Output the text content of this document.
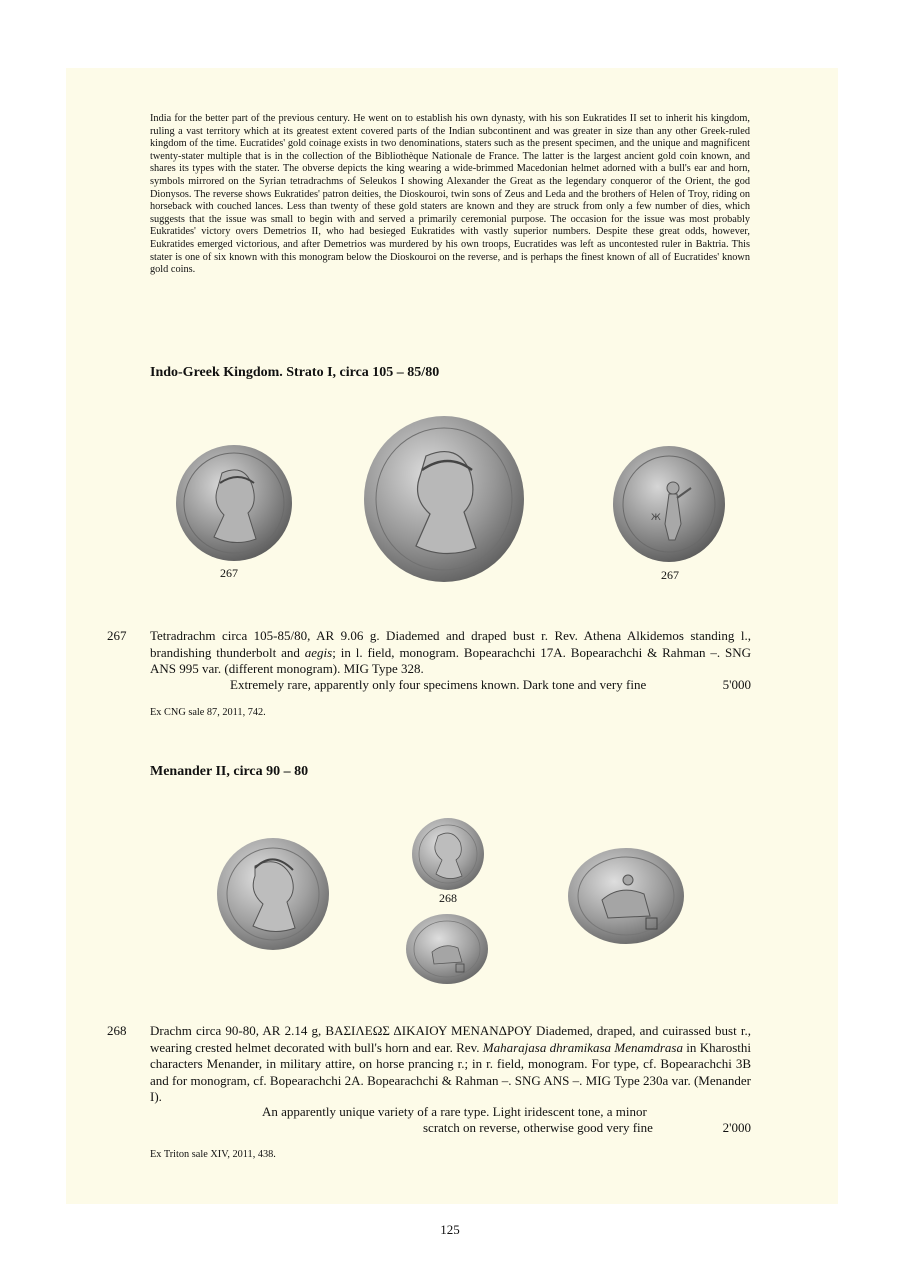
India for the better part of the previous century. He went on to establish his own dynasty, with his son Eukratides II set to inherit his kingdom, ruling a vast territory which at its greatest extent covered parts of the Indian subcontinent and was greater in size than any other Greek-ruled kingdom of the time. Eucratides' gold coinage exists in two denominations, staters such as the present specimen, and the unique and magnificent twenty-stater multiple that is in the collection of the Bibliothèque Nationale de France. The latter is the largest ancient gold coin known, and shares its types with the stater. The obverse depicts the king wearing a wide-brimmed Macedonian helmet adorned with a bull's ear and horn, symbols mirrored on the Syrian tetradrachms of Seleukos I showing Alexander the Great as the legendary conqueror of the Orient, the god Dionysos. The reverse shows Eukratides' patron deities, the Dioskouroi, twin sons of Zeus and Leda and the brothers of Helen of Troy, riding on horseback with couched lances. Less than twenty of these gold staters are known and they are struck from only a few number of dies, which suggests that the issue was small to begin with and served a primarily ceremonial purpose. The occasion for the issue was most probably Eukratides' victory overs Demetrios II, who had besieged Eukratides with vastly superior numbers. Despite these great odds, however, Eukratides emerged victorious, and after Demetrios was murdered by his own troops, Eucratides was left as uncontested ruler in Baktria. This stater is one of six known with this monogram below the Dioskouroi on the reverse, and is perhaps the finest known of all of Eucratides' known gold coins.

Indo-Greek Kingdom. Strato I, circa 105 – 85/80
Ж
267	267
267 Tetradrachm circa 105-85/80, AR 9.06 g. Diademed and draped bust r. Rev. Athena Alkidemos standing l., brandishing thunderbolt and aegis; in l. field, monogram. Bopearachchi 17A. Bopearachchi & Rahman –. SNG ANS 995 var. (different monogram). MIG Type 328.

Extremely rare, apparently only four specimens known. Dark tone and very fine	5'000
Ex CNG sale 87, 2011, 742.
Menander II, circa 90 – 80
268
268 Drachm circa 90-80, AR 2.14 g, ΒΑΣΙΛΕΩΣ ΔΙΚΑΙΟΥ ΜΕΝΑΝΔΡΟΥ Diademed, draped, and cuirassed bust r., wearing crested helmet decorated with bull's horn and ear. Rev. Maharajasa dhramikasa Menamdrasa in Kharosthi characters Menander, in military attire, on horse prancing r.; in r. field, monogram. For type, cf. Bopearachchi 3B and for monogram, cf. Bopearachchi 2A. Bopearachchi & Rahman –. SNG ANS –. MIG Type 230a var. (Menander I).

An apparently unique variety of a rare type. Light iridescent tone, a minor
scratch on reverse, otherwise good very fine	2'000
Ex Triton sale XIV, 2011, 438.
125
